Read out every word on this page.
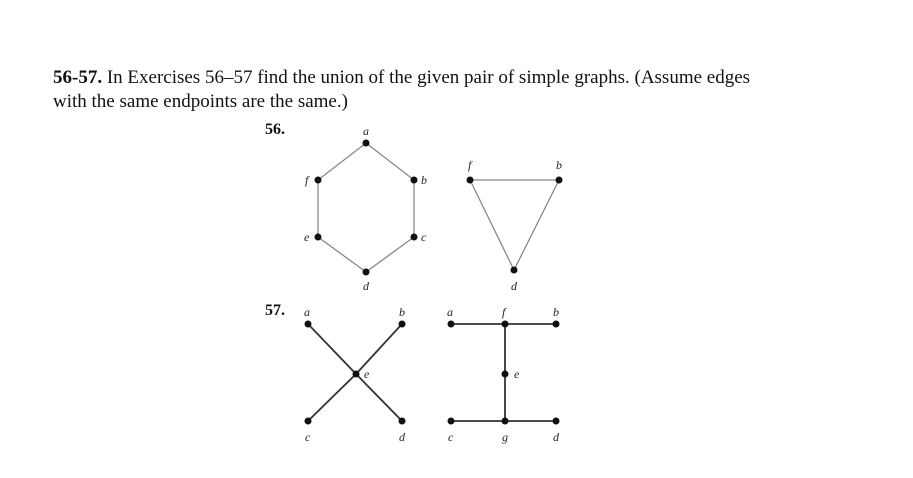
56-57. In Exercises 56–57 find the union of the given pair of simple graphs. (Assume edges
with the same endpoints are the same.)
56.
57.
a
b
c
d
e
f
f	b
d
a	b
e
c	d
a	f	b
e
c	g	d
